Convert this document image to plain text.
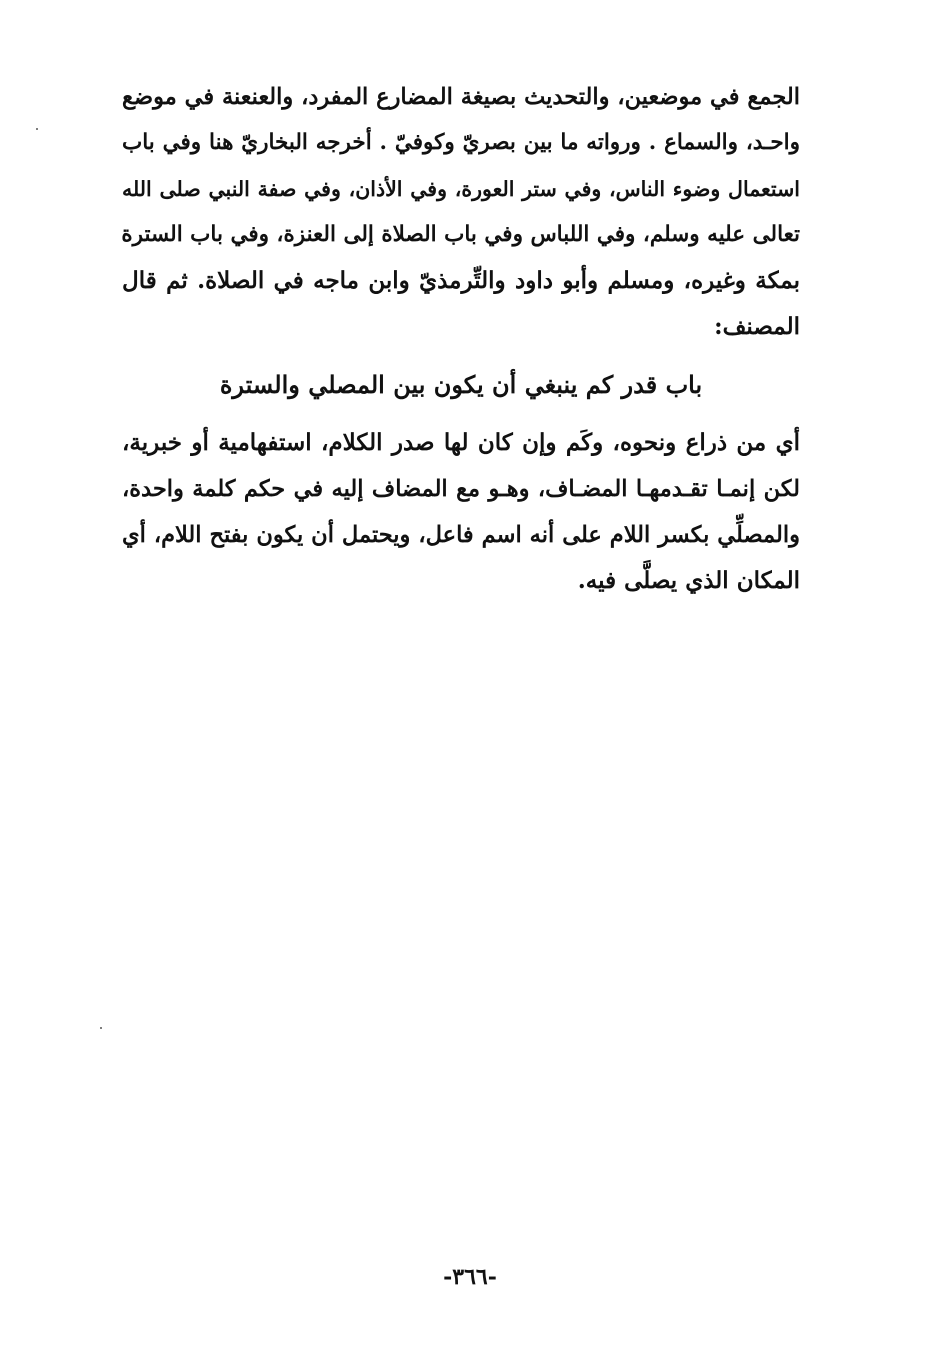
الجمع في موضعين، والتحديث بصيغة المضارع المفرد، والعنعنة في موضع
واحـد، والسماع . ورواته ما بين بصريّ وكوفيّ . أخرجه البخاريّ هنا وفي باب
استعمال وضوء الناس، وفي ستر العورة، وفي الأذان، وفي صفة النبي صلى الله
تعالى عليه وسلم، وفي اللباس وفي باب الصلاة إلى العنزة، وفي باب السترة
بمكة وغيره، ومسلم وأبو داود والتِّرمذيّ وابن ماجه في الصلاة. ثم قال
المصنف:
باب قدر كم ينبغي أن يكون بين المصلي والسترة
أي من ذراع ونحوه، وكَم وإن كان لها صدر الكلام، استفهامية أو خبرية،
لكن إنمـا تقـدمهـا المضـاف، وهـو مع المضاف إليه في حكم كلمة واحدة،
والمصلِّي بكسر اللام على أنه اسم فاعل، ويحتمل أن يكون بفتح اللام، أي
المكان الذي يصلَّى فيه.
-٣٦٦-
